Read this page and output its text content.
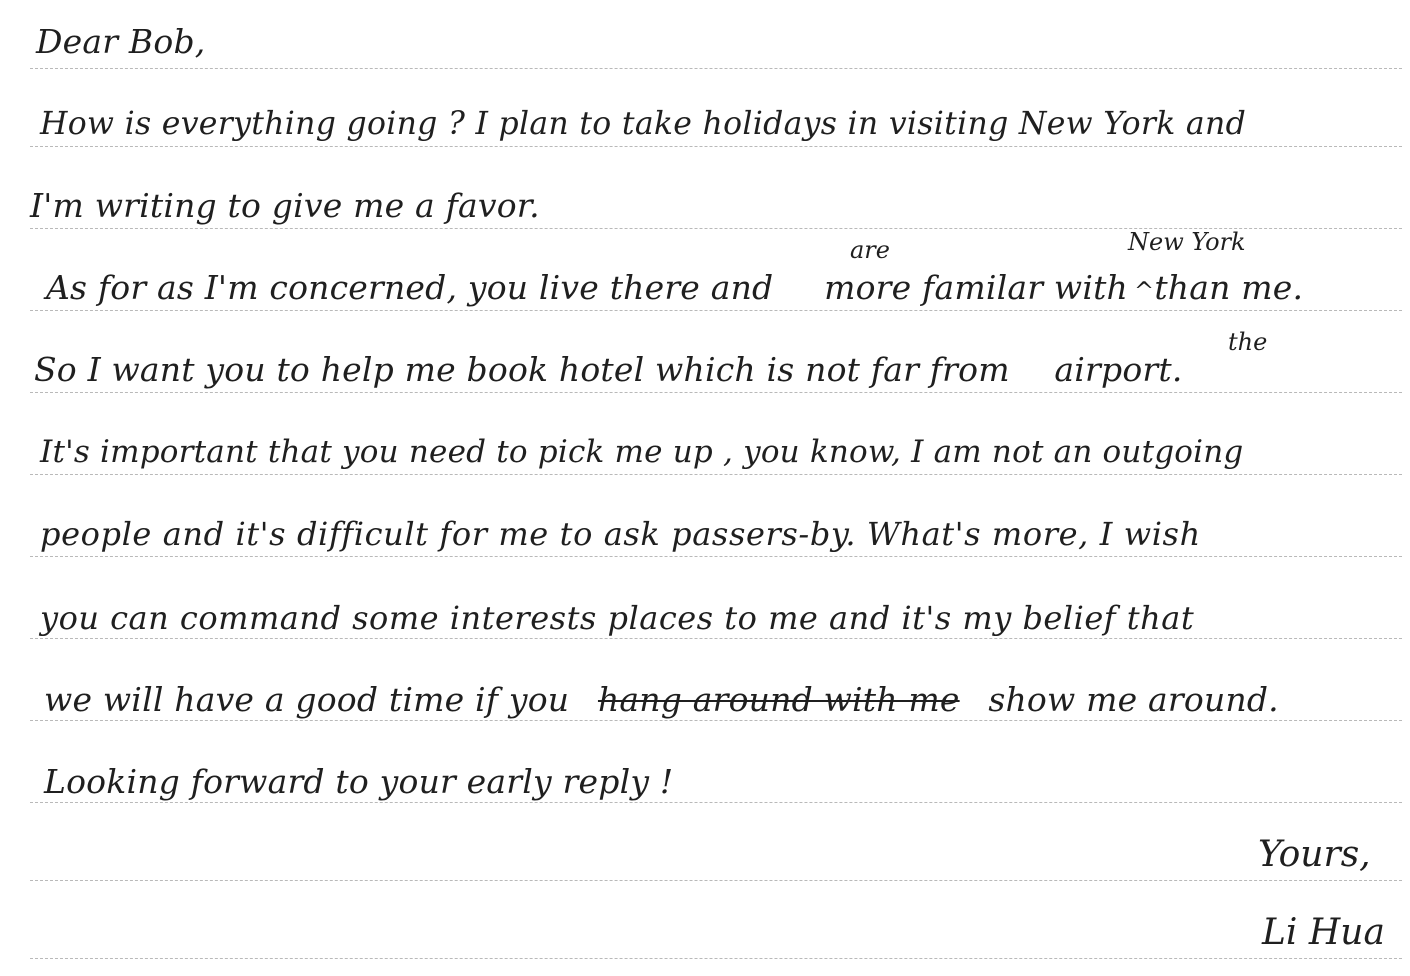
Dear Bob,

How is everything going ? I plan to take holidays in visiting New York and

I'm writing to give me a favor.

As for as I'm concerned, you live there and more familar with ^than me.

are	New York

So I want you to help me book hotel which is not far from airport.

the

It's important that you need to pick me up , you know, I am not an outgoing

people and it's difficult for me to ask passers-by. What's more, I wish

you can command some interests places to me and it's my belief that

we will have a good time if you hang around with me show me around.

Looking forward to your early reply !

Yours,
Li Hua
